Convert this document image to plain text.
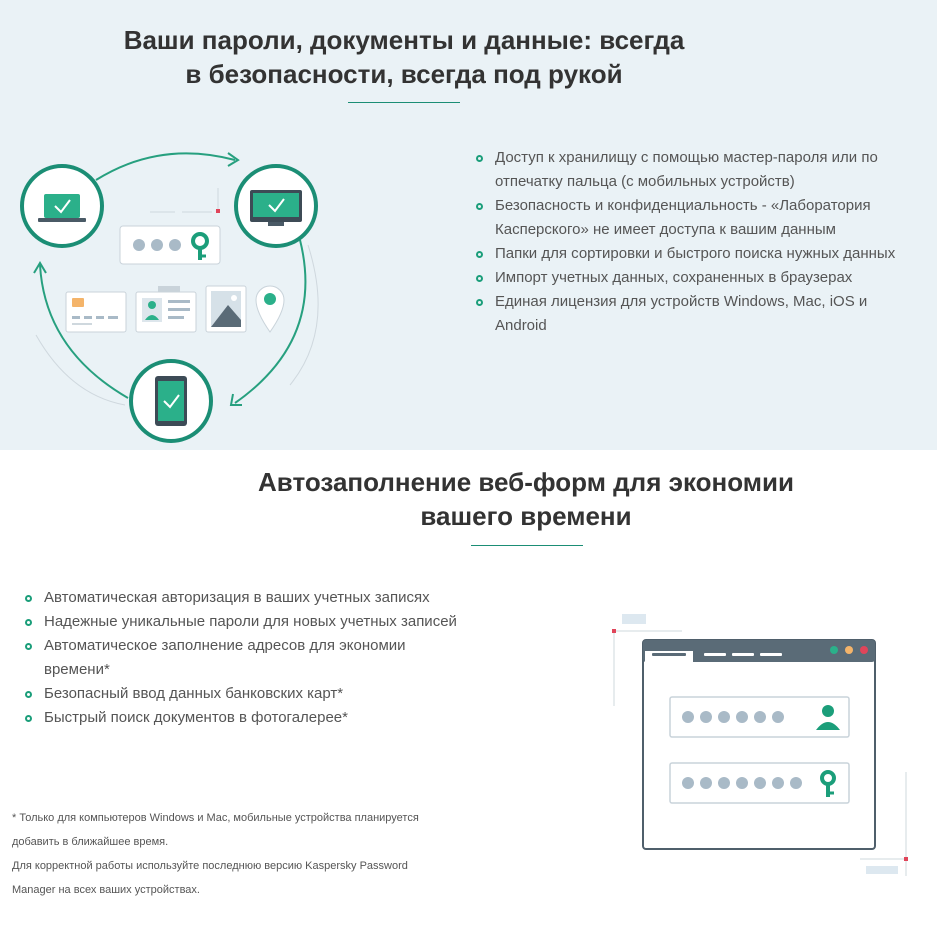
Ваши пароли, документы и данные: всегда
в безопасности, всегда под рукой
Доступ к хранилищу с помощью мастер-пароля или по отпечатку пальца (с мобильных устройств)
Безопасность и конфиденциальность - «Лаборатория Касперского» не имеет доступа к вашим данным
Папки для сортировки и быстрого поиска нужных данных
Импорт учетных данных, сохраненных в браузерах
Единая лицензия для устройств Windows, Mac, iOS и Android
Автозаполнение веб-форм для экономии
вашего времени
Автоматическая авторизация в ваших учетных записях
Надежные уникальные пароли для новых учетных записей
Автоматическое заполнение адресов для экономии времени*
Безопасный ввод данных банковских карт*
Быстрый поиск документов в фотогалерее*
* Только для компьютеров Windows и Mac, мобильные устройства планируется
добавить в ближайшее время.
Для корректной работы используйте последнюю версию Kaspersky Password
Manager на всех ваших устройствах.
